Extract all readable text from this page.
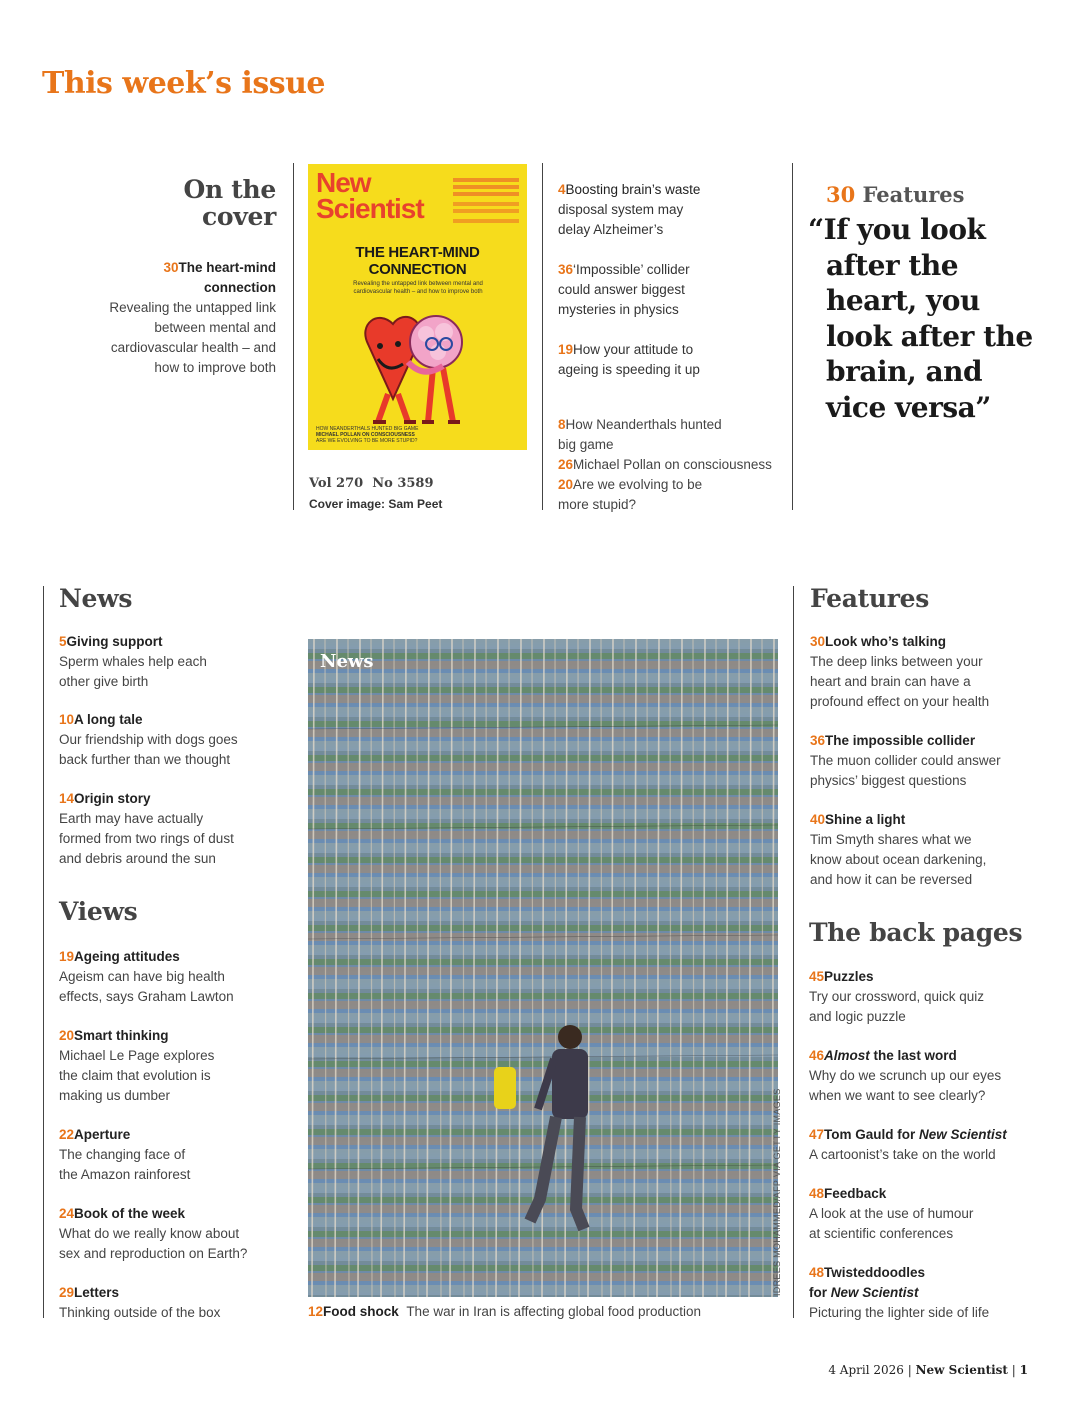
This week’s issue
On the
cover
30The heart-mind
connection
Revealing the untapped link
between mental and
cardiovascular health – and
how to improve both
New
Scientist
THE HEART-MIND
CONNECTION
Revealing the untapped link between mental and cardiovascular health – and how to improve both
HOW NEANDERTHALS HUNTED BIG GAME
MICHAEL POLLAN ON CONSCIOUSNESS
ARE WE EVOLVING TO BE MORE STUPID?
Vol 270 No 3589
Cover image: Sam Peet
4Boosting brain’s waste
disposal system may
delay Alzheimer’s
36‘Impossible’ collider
could answer biggest
mysteries in physics
19How your attitude to
ageing is speeding it up
8How Neanderthals hunted
big game
26Michael Pollan on consciousness
20Are we evolving to be
more stupid?
30 Features
“If you look
after the
heart, you
look after the
brain, and
vice versa”
News
5Giving support
Sperm whales help each
other give birth
10A long tale
Our friendship with dogs goes
back further than we thought
14Origin story
Earth may have actually
formed from two rings of dust
and debris around the sun
Views
19Ageing attitudes
Ageism can have big health
effects, says Graham Lawton
20Smart thinking
Michael Le Page explores
the claim that evolution is
making us dumber
22Aperture
The changing face of
the Amazon rainforest
24Book of the week
What do we really know about
sex and reproduction on Earth?
29Letters
Thinking outside of the box
News
IDREES MOHAMMED/AFP VIA GETTY IMAGES
12Food shock The war in Iran is affecting global food production
Features
30Look who’s talking
The deep links between your
heart and brain can have a
profound effect on your health
36The impossible collider
The muon collider could answer
physics’ biggest questions
40Shine a light
Tim Smyth shares what we
know about ocean darkening,
and how it can be reversed
The back pages
45Puzzles
Try our crossword, quick quiz
and logic puzzle
46Almost the last word
Why do we scrunch up our eyes
when we want to see clearly?
47Tom Gauld for New Scientist
A cartoonist’s take on the world
48Feedback
A look at the use of humour
at scientific conferences
48Twisteddoodles
for New Scientist
Picturing the lighter side of life
4 April 2026 | New Scientist | 1
